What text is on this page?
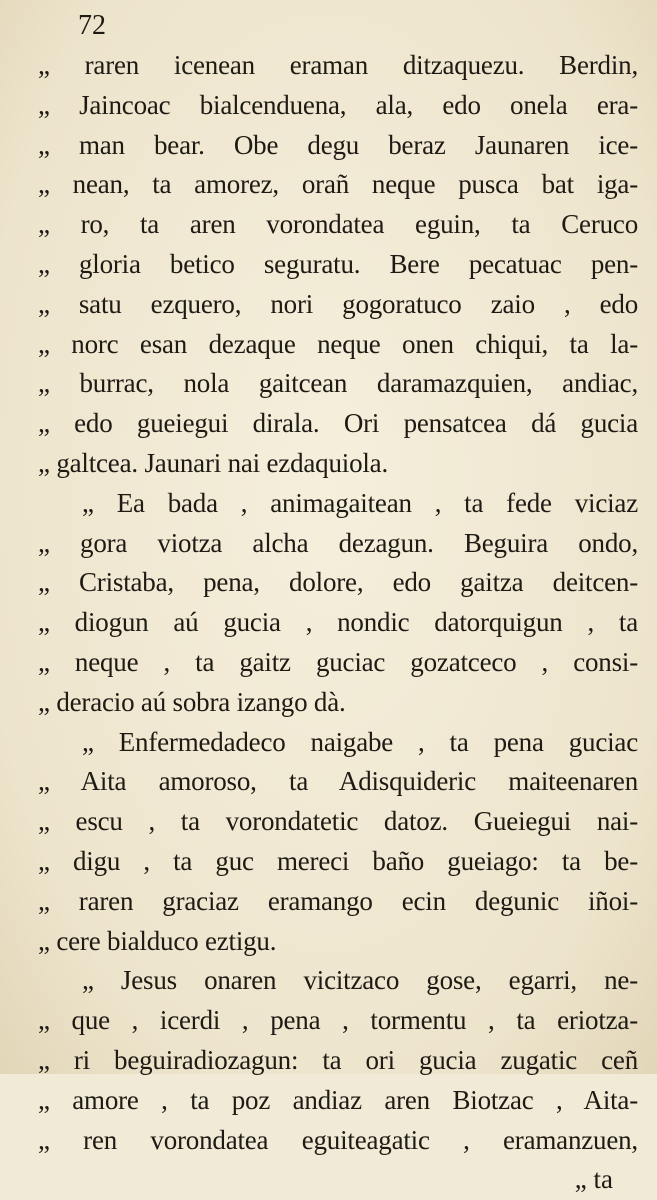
72
„ raren icenean eraman ditzaquezu. Berdin,
„ Jaincoac bialcenduena, ala, edo onela era-
„ man bear. Obe degu beraz Jaunaren ice-
„ nean, ta amorez, orañ neque pusca bat iga-
„ ro, ta aren vorondatea eguin, ta Ceruco
„ gloria betico seguratu. Bere pecatuac pen-
„ satu ezquero, nori gogoratuco zaio , edo
„ norc esan dezaque neque onen chiqui, ta la-
„ burrac, nola gaitcean daramazquien, andiac,
„ edo gueiegui dirala. Ori pensatcea dá gucia
„ galtcea. Jaunari nai ezdaquiola.
„ Ea bada , animagaitean , ta fede viciaz
„ gora viotza alcha dezagun. Beguira ondo,
„ Cristaba, pena, dolore, edo gaitza deitcen-
„ diogun aú gucia , nondic datorquigun , ta
„ neque , ta gaitz guciac gozatceco , consi-
„ deracio aú sobra izango dà.
„ Enfermedadeco naigabe , ta pena guciac
„ Aita amoroso, ta Adisquideric maiteenaren
„ escu , ta vorondatetic datoz. Gueiegui nai-
„ digu , ta guc mereci baño gueiago: ta be-
„ raren graciaz eramango ecin degunic iñoi-
„ cere bialduco eztigu.
„ Jesus onaren vicitzaco gose, egarri, ne-
„ que , icerdi , pena , tormentu , ta eriotza-
„ ri beguiradiozagun: ta ori gucia zugatic ceñ
„ amore , ta poz andiaz aren Biotzac , Aita-
„ ren vorondatea eguiteagatic , eramanzuen,
„ ta
